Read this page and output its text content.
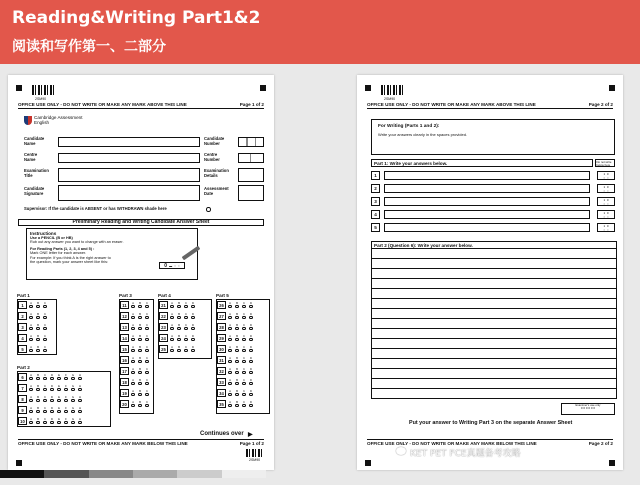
Reading&Writing Part1&2
阅读和写作第一、二部分
2SM90
OFFICE USE ONLY - DO NOT WRITE OR MAKE ANY MARK ABOVE THIS LINE	Page 1 of 2
Cambridge Assessment
English
Candidate
Name
Candidate
Number
Centre
Name
Centre
Number
Examination
Title
Examination
Details
Candidate
Signature
Assessment
Date
Supervisor: If the candidate is ABSENT or has WITHDRAWN shade here
Preliminary Reading and Writing Candidate Answer Sheet
Instructions
Use a PENCIL (B or HB)
Rub out any answer you want to change with an eraser.
For Reading Parts (1, 2, 3, 4 and 5) :
Mark ONE letter for each answer.
For example: If you think A is the right answer to
the question, mark your answer sheet like this:
0 ▬ ○ ○
Part 1
1	A B C
2	A B C
3	A B C
4	A B C
5	A B C
Part 2
6	A B C D E F G H
7	A B C D E F G H
8	A B C D E F G H
9	A B C D E F G H
10	A B C D E F G H
Part 3
11	A B C
12	A B C
13	A B C
14	A B C
15	A B C
16	A B C
17	A B C
18	A B C
19	A B C
20	A B C
Part 4
21	A B C D
22	A B C D
23	A B C D
24	A B C D
25	A B C D
Part 5
26	A B C D
27	A B C D
28	A B C D
29	A B C D
30	A B C D
31	A B C D
32	A B C D
33	A B C D
34	A B C D
35	A B C D
Continues over ▶
OFFICE USE ONLY - DO NOT WRITE OR MAKE ANY MARK BELOW THIS LINE	Page 1 of 2
2SM90
2SM90
OFFICE USE ONLY - DO NOT WRITE OR MAKE ANY MARK ABOVE THIS LINE	Page 2 of 2
For Writing (Parts 1 and 2):
Write your answers clearly in the spaces provided.
Part 1: Write your answers below.	Do not write below here
1	1  0
○  ○
2	1  0
○  ○
3	1  0
○  ○
4	1  0
○  ○
5	1  0
○  ○
Part 2 (Question 6): Write your answer below.
Examiner's use only
0 0 0 0 0 0
Put your answer to Writing Part 3 on the separate Answer Sheet
OFFICE USE ONLY - DO NOT WRITE OR MAKE ANY MARK BELOW THIS LINE	Page 2 of 2
KET PET FCE真题备考攻略
